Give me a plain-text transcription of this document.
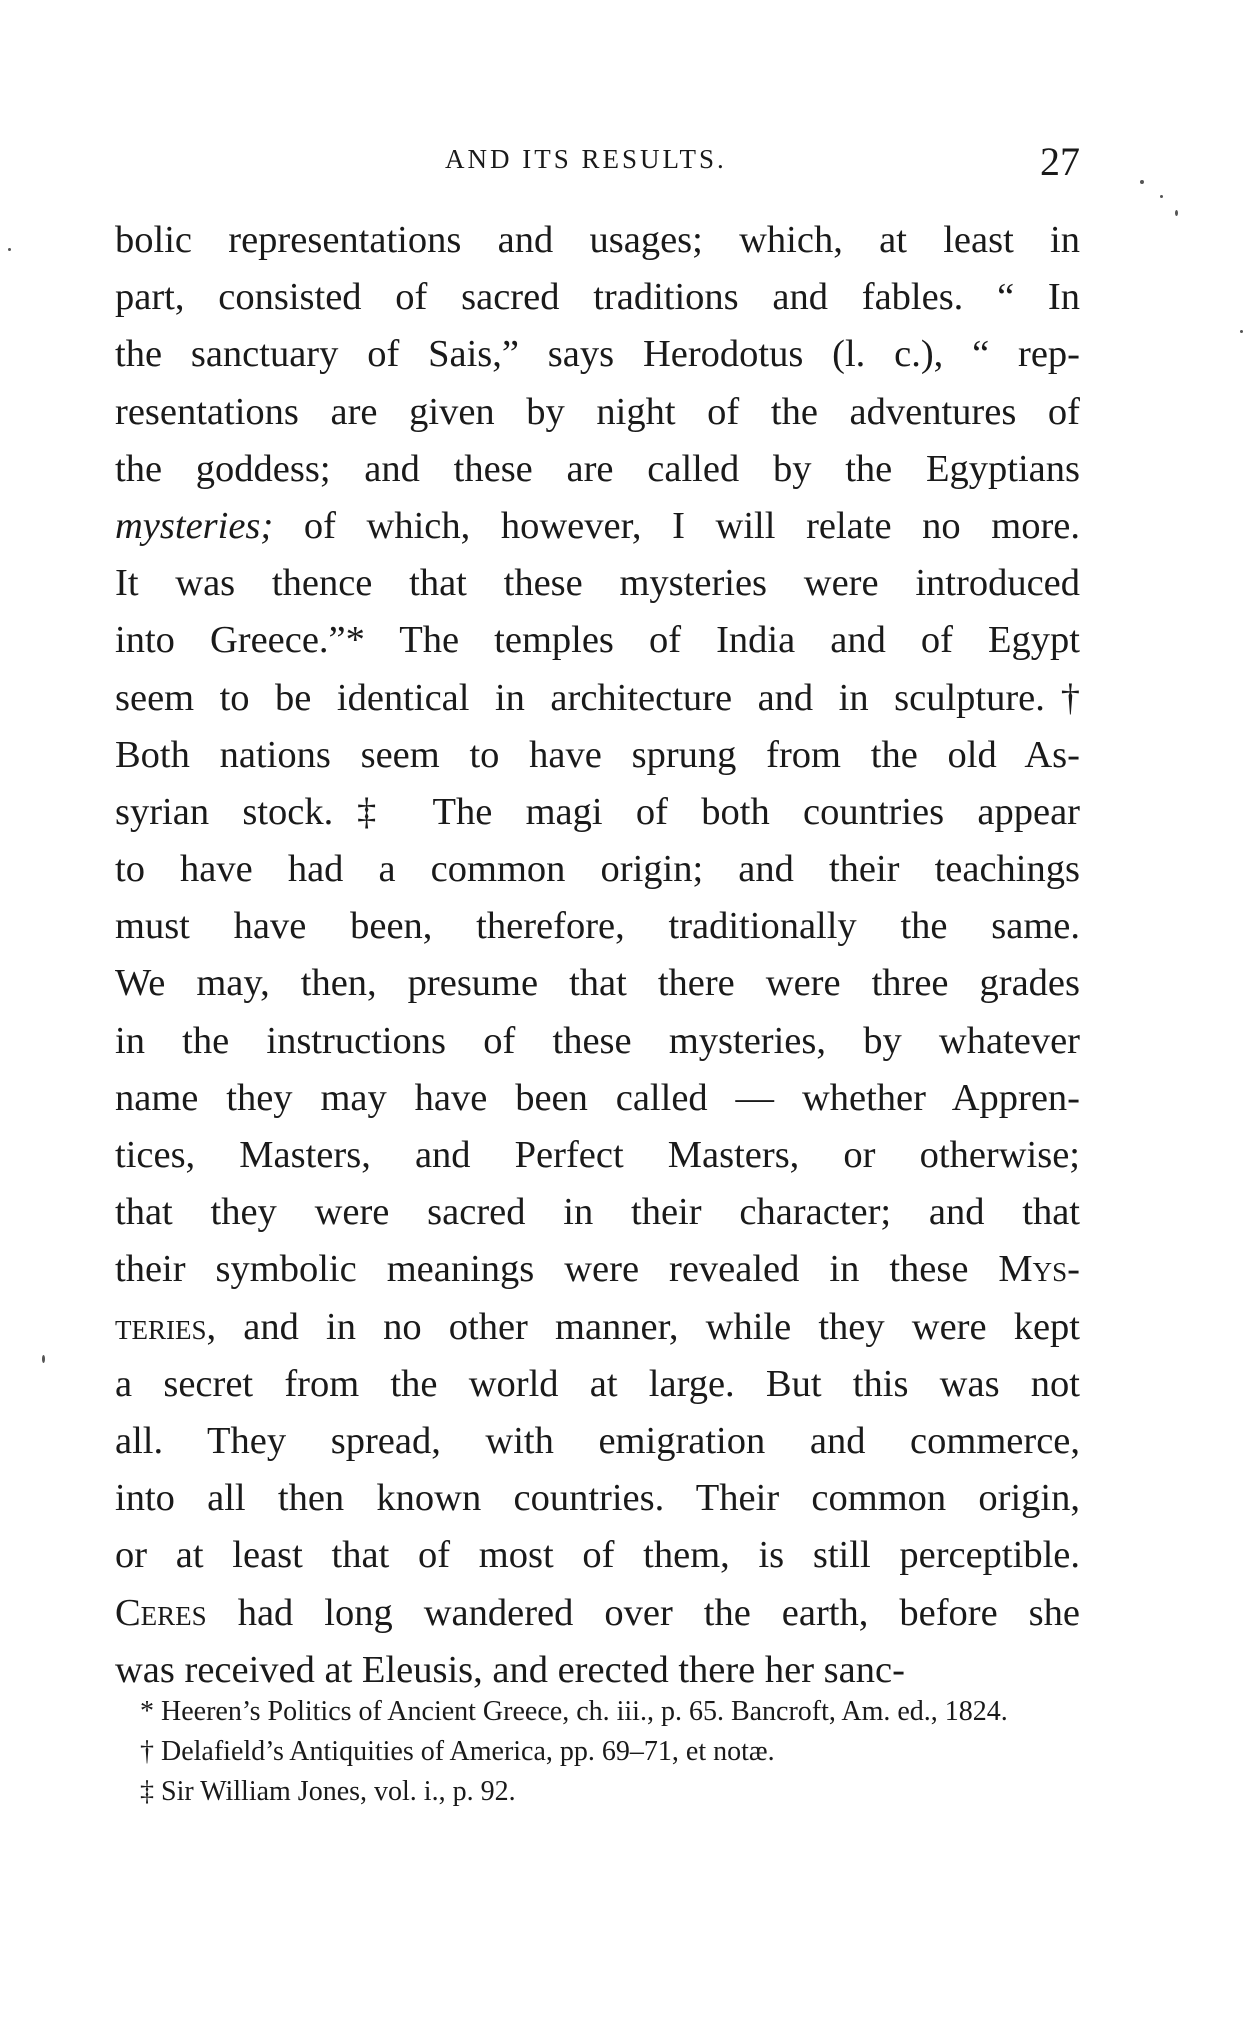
AND ITS RESULTS.	27
bolic representations and usages; which, at least in
part, consisted of sacred traditions and fables. “ In
the sanctuary of Sais,” says Herodotus (l. c.), “ rep-
resentations are given by night of the adventures of
the goddess; and these are called by the Egyptians
mysteries; of which, however, I will relate no more.
It was thence that these mysteries were introduced
into Greece.”* The temples of India and of Egypt
seem to be identical in architecture and in sculpture.†
Both nations seem to have sprung from the old As-
syrian stock.‡ The magi of both countries appear
to have had a common origin; and their teachings
must have been, therefore, traditionally the same.
We may, then, presume that there were three grades
in the instructions of these mysteries, by whatever
name they may have been called — whether Appren-
tices, Masters, and Perfect Masters, or otherwise;
that they were sacred in their character; and that
their symbolic meanings were revealed in these Mys-
teries, and in no other manner, while they were kept
a secret from the world at large. But this was not
all. They spread, with emigration and commerce,
into all then known countries. Their common origin,
or at least that of most of them, is still perceptible.
Ceres had long wandered over the earth, before she
was received at Eleusis, and erected there her sanc-
* Heeren’s Politics of Ancient Greece, ch. iii., p. 65. Bancroft, Am. ed., 1824.
† Delafield’s Antiquities of America, pp. 69–71, et notæ.
‡ Sir William Jones, vol. i., p. 92.
